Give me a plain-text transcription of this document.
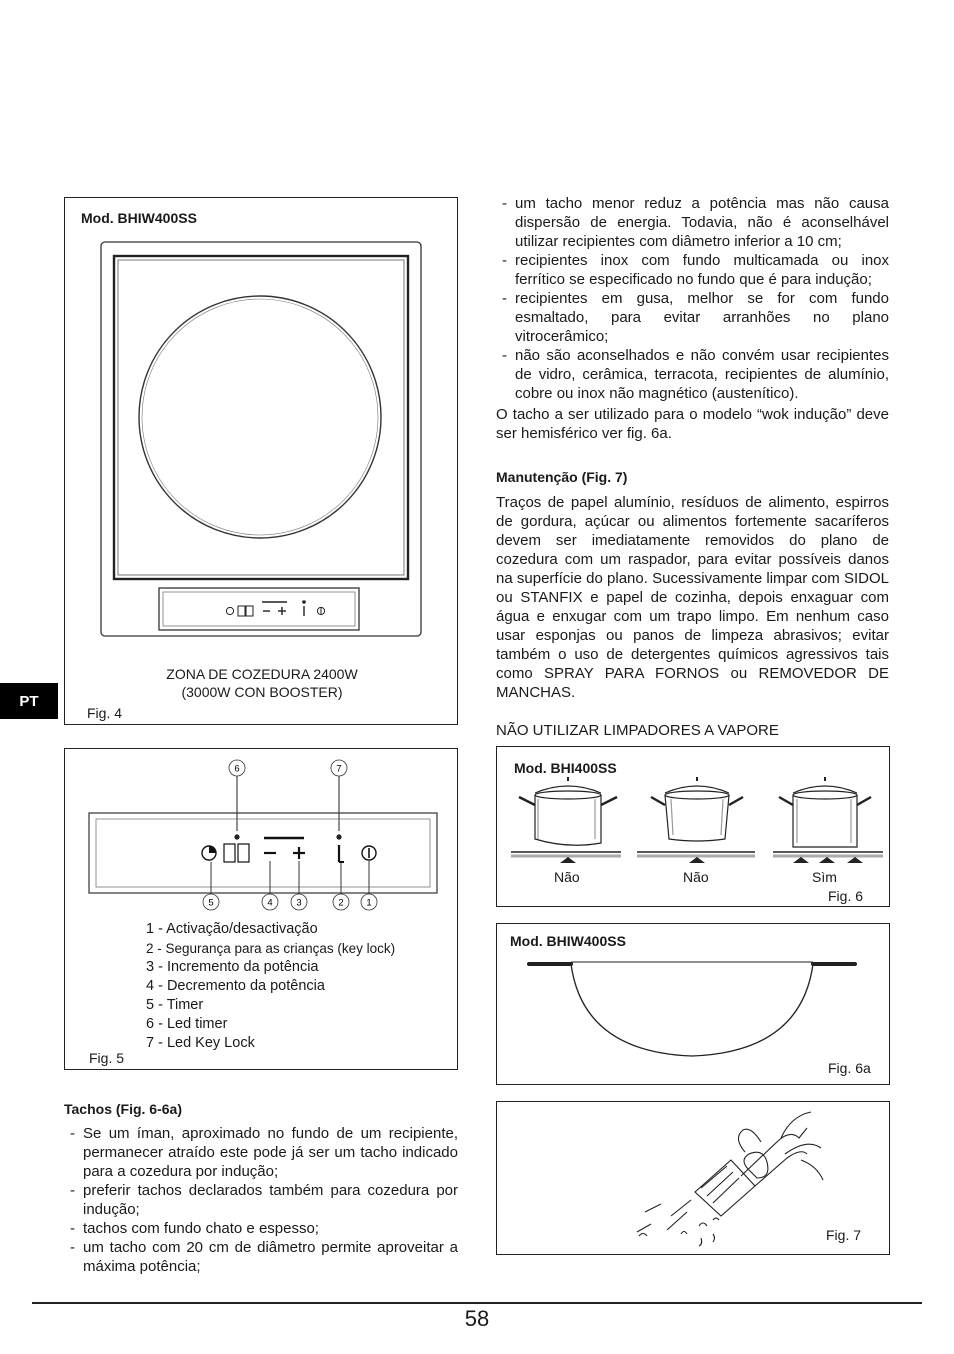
PT
Mod. BHIW400SS
ZONA DE COZEDURA 2400W
(3000W CON BOOSTER)
Fig. 4
6	7
5	4 3	2 1
1 - Activação/desactivação
2 - Segurança para as crianças (key lock)
3 - Incremento da potência
4 - Decremento da potência
5 - Timer
6 - Led timer
7 - Led Key Lock
Fig. 5
Tachos (Fig. 6-6a)
- Se um íman, aproximado no fundo de um recipiente, permanecer atraído este pode já ser um tacho indicado para a cozedura por indução;
- preferir tachos declarados também para cozedura por indução;
- tachos com fundo chato e espesso;
- um tacho com 20 cm de diâmetro permite aproveitar a máxima potência;
- um tacho menor reduz a potência mas não causa dispersão de energia. Todavia, não é aconselhável utilizar recipientes com diâmetro inferior a 10 cm;
- recipientes inox com fundo multicamada ou inox ferrítico se especificado no fundo que é para indução;
- recipientes em gusa, melhor se for com fundo esmaltado, para evitar arranhões no plano vitrocerâmico;
- não são aconselhados e não convém usar recipientes de vidro, cerâmica, terracota, recipientes de alumínio, cobre ou inox não magnético (austenítico).

O tacho a ser utilizado para o modelo “wok indução” deve ser hemisférico ver fig. 6a.

Manutenção (Fig. 7)

Traços de papel alumínio, resíduos de alimento, espirros de gordura, açúcar ou alimentos fortemente sacaríferos devem ser imediatamente removidos do plano de cozedura com um raspador, para evitar possíveis danos na superfície do plano. Sucessivamente limpar com SIDOL ou STANFIX e papel de cozinha, depois enxaguar com água e enxugar com um trapo limpo. Em nenhum caso usar esponjas ou panos de limpeza abrasivos; evitar também o uso de detergentes químicos agressivos tais como SPRAY PARA FORNOS ou REMOVEDOR DE MANCHAS.

NÃO UTILIZAR LIMPADORES A VAPORE
Mod. BHI400SS
Não	Não	Sìm
Fig. 6
Mod. BHIW400SS
Fig. 6a
Fig. 7
58
